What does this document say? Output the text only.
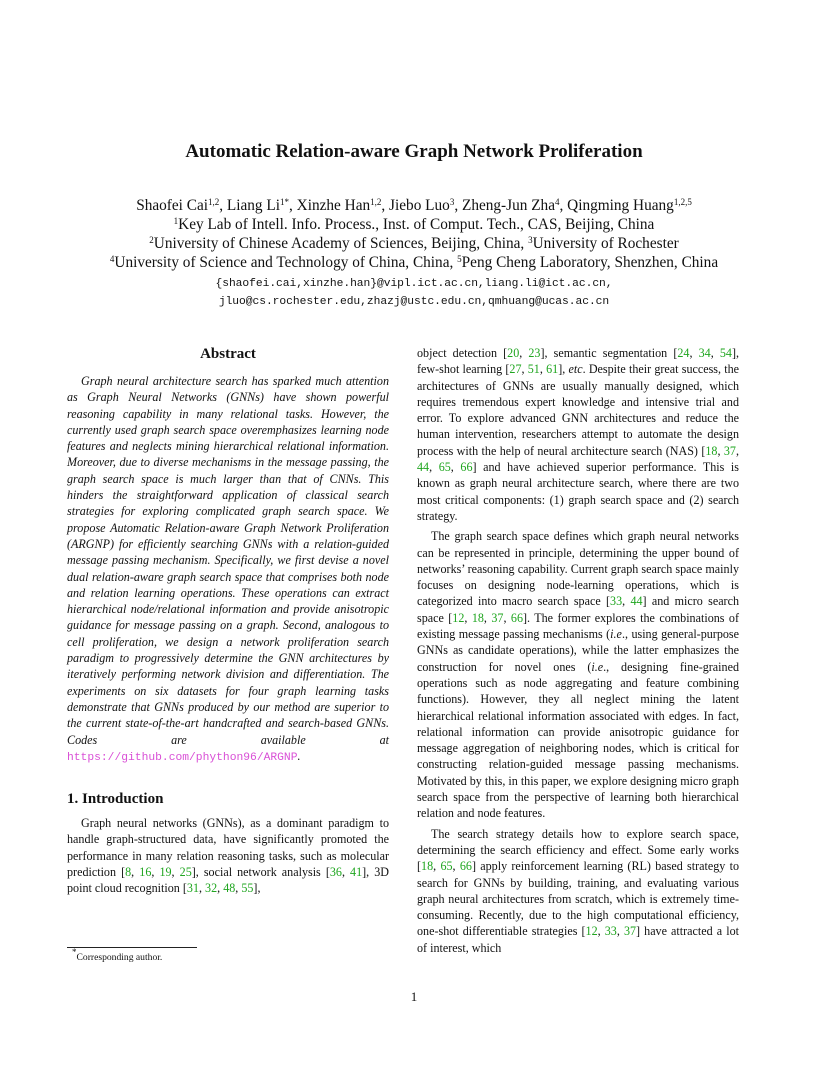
Automatic Relation-aware Graph Network Proliferation
Shaofei Cai$^{1,2}$, Liang $Li^{1*}$, Xinzhe Han$^{1,2}$, Jiebo Luo$^3$, Zheng-Jun Zha$^4$, Qingming Huang$^{1,2,5}$
$^1$Key Lab of Intell. Info. Process., Inst. of Comput. Tech., CAS, Beijing, China
$^2$University of Chinese Academy of Sciences, Beijing, China, $^3$University of Rochester
$^4$University of Science and Technology of China, China, $^5$Peng Cheng Laboratory, Shenzhen, China
{shaofei.cai,xinzhe.han}@vipl.ict.ac.cn,liang.li@ict.ac.cn,
jluo@cs.rochester.edu,zhazj@ustc.edu.cn,qmhuang@ucas.ac.cn
Abstract

Graph neural architecture search has sparked much attention as Graph Neural Networks (GNNs) have shown powerful reasoning capability in many relational tasks. However, the currently used graph search space overemphasizes learning node features and neglects mining hierarchical relational information. Moreover, due to diverse mechanisms in the message passing, the graph search space is much larger than that of CNNs. This hinders the straightforward application of classical search strategies for exploring complicated graph search space. We propose Automatic Relation-aware Graph Network Proliferation (ARGNP) for efficiently searching GNNs with a relation-guided message passing mechanism. Specifically, we first devise a novel dual relation-aware graph search space that comprises both node and relation learning operations. These operations can extract hierarchical node/relational information and provide anisotropic guidance for message passing on a graph. Second, analogous to cell proliferation, we design a network proliferation search paradigm to progressively determine the GNN architectures by iteratively performing network division and differentiation. The experiments on six datasets for four graph learning tasks demonstrate that GNNs produced by our method are superior to the current state-of-the-art handcrafted and search-based GNNs. Codes are available at https://github.com/phython96/ARGNP.

1. Introduction

Graph neural networks (GNNs), as a dominant paradigm to handle graph-structured data, have significantly promoted the performance in many relation reasoning tasks, such as molecular prediction [8, 16, 19, 25], social network analysis [36, 41], 3D point cloud recognition [31, 32, 48, 55],

object detection [20, 23], semantic segmentation [24, 34, 54], few-shot learning [27, 51, 61], etc. Despite their great success, the architectures of GNNs are usually manually designed, which requires tremendous expert knowledge and intensive trial and error. To explore advanced GNN architectures and reduce the human intervention, researchers attempt to automate the design process with the help of neural architecture search (NAS) [18, 37, 44, 65, 66] and have achieved superior performance. This is known as graph neural architecture search, where there are two most critical components: (1) graph search space and (2) search strategy.

The graph search space defines which graph neural networks can be represented in principle, determining the upper bound of networks’ reasoning capability. Current graph search space mainly focuses on designing node-learning operations, which is categorized into macro search space [33, 44] and micro search space [12, 18, 37, 66]. The former explores the combinations of existing message passing mechanisms (i.e., using general-purpose GNNs as candidate operations), while the latter emphasizes the construction for novel ones (i.e., designing fine-grained operations such as node aggregating and feature combining functions). However, they all neglect mining the latent hierarchical relational information associated with edges. In fact, relational information can provide anisotropic guidance for message aggregation of neighboring nodes, which is critical for constructing relation-guided message passing mechanisms. Motivated by this, in this paper, we explore designing micro graph search space from the perspective of learning both hierarchical relation and node features.

The search strategy details how to explore search space, determining the search efficiency and effect. Some early works [18, 65, 66] apply reinforcement learning (RL) based strategy to search for GNNs by building, training, and evaluating various graph neural architectures from scratch, which is extremely time-consuming. Recently, due to the high computational efficiency, one-shot differentiable strategies [12, 33, 37] have attracted a lot of interest, which

*Corresponding author.
1
